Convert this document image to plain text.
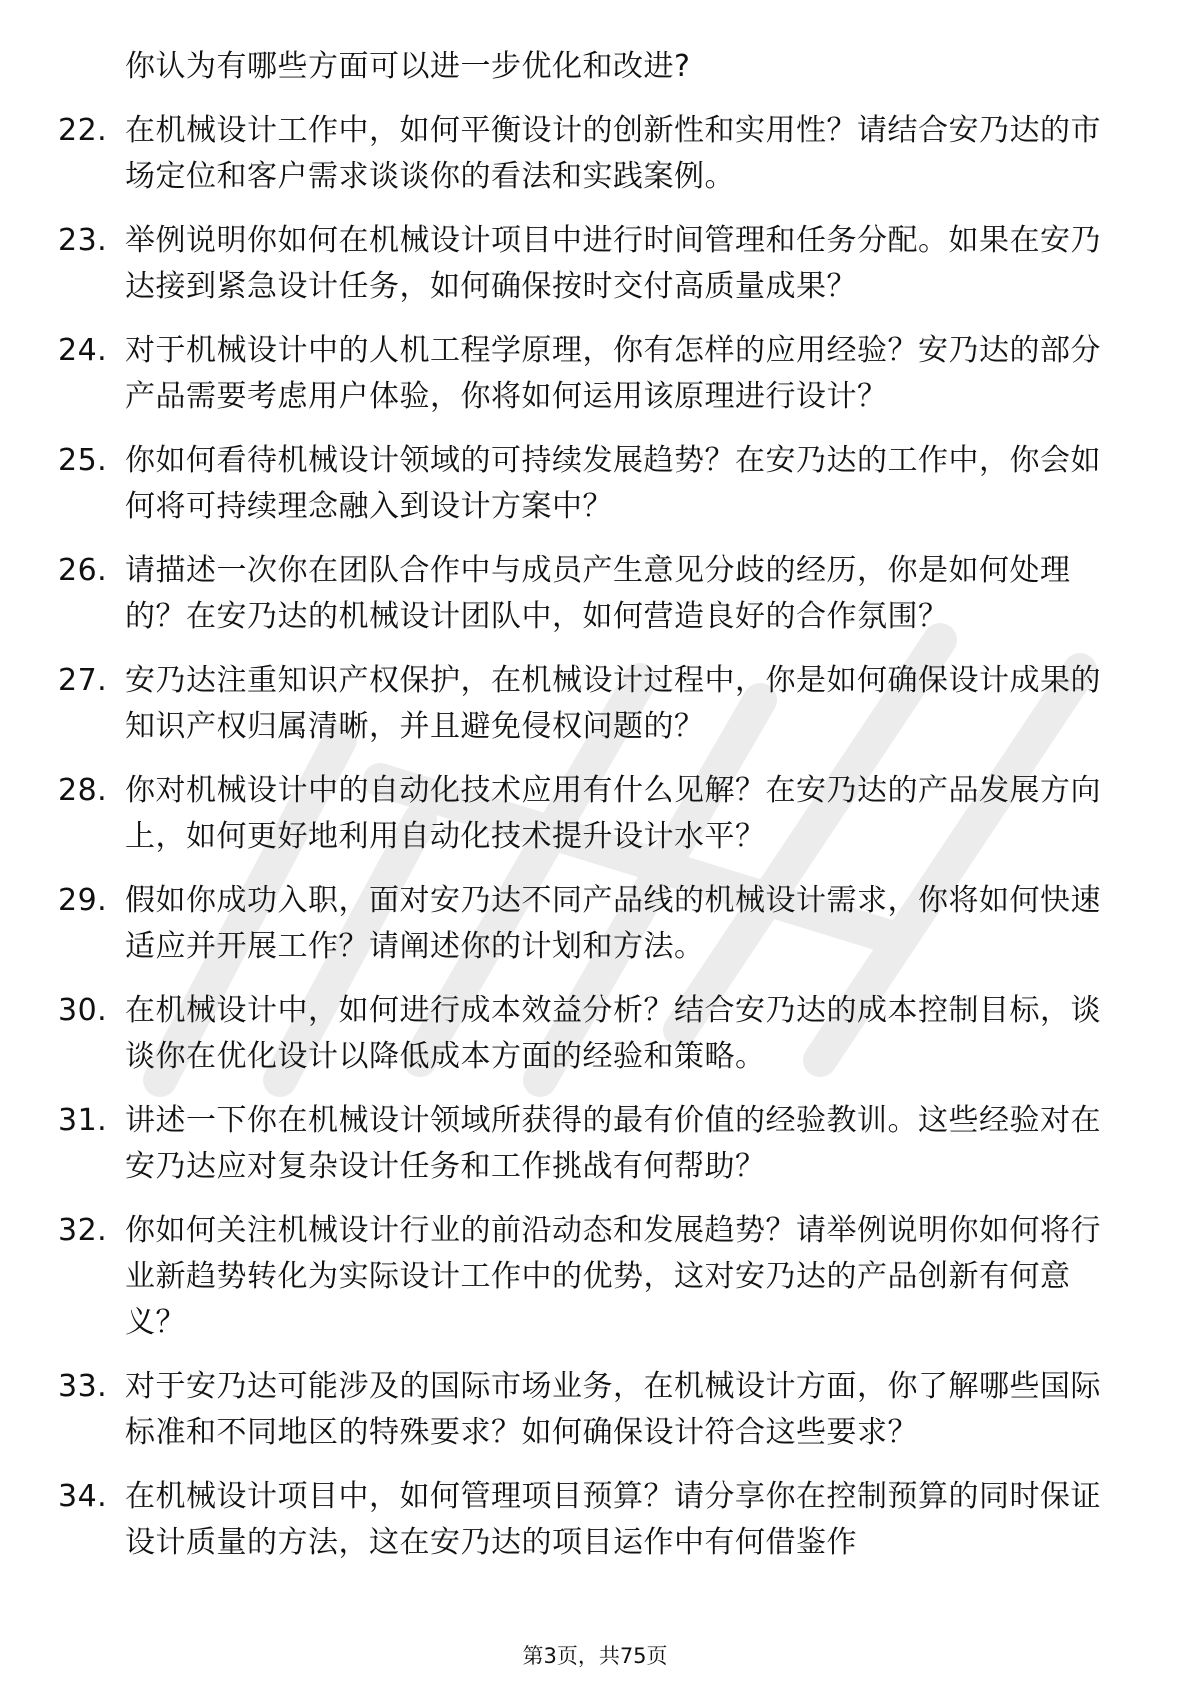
你认为有哪些方面可以进一步优化和改进?
22. 在机械设计工作中，如何平衡设计的创新性和实用性？请结合安乃达的市场定位和客户需求谈谈你的看法和实践案例。
23. 举例说明你如何在机械设计项目中进行时间管理和任务分配。如果在安乃达接到紧急设计任务，如何确保按时交付高质量成果？
24. 对于机械设计中的人机工程学原理，你有怎样的应用经验？安乃达的部分产品需要考虑用户体验，你将如何运用该原理进行设计？
25. 你如何看待机械设计领域的可持续发展趋势？在安乃达的工作中，你会如何将可持续理念融入到设计方案中？
26. 请描述一次你在团队合作中与成员产生意见分歧的经历，你是如何处理的？在安乃达的机械设计团队中，如何营造良好的合作氛围？
27. 安乃达注重知识产权保护，在机械设计过程中，你是如何确保设计成果的知识产权归属清晰，并且避免侵权问题的？
28. 你对机械设计中的自动化技术应用有什么见解？在安乃达的产品发展方向上，如何更好地利用自动化技术提升设计水平？
29. 假如你成功入职，面对安乃达不同产品线的机械设计需求，你将如何快速适应并开展工作？请阐述你的计划和方法。
30. 在机械设计中，如何进行成本效益分析？结合安乃达的成本控制目标，谈谈你在优化设计以降低成本方面的经验和策略。
31. 讲述一下你在机械设计领域所获得的最有价值的经验教训。这些经验对在安乃达应对复杂设计任务和工作挑战有何帮助？
32. 你如何关注机械设计行业的前沿动态和发展趋势？请举例说明你如何将行业新趋势转化为实际设计工作中的优势，这对安乃达的产品创新有何意义？
33. 对于安乃达可能涉及的国际市场业务，在机械设计方面，你了解哪些国际标准和不同地区的特殊要求？如何确保设计符合这些要求？
34. 在机械设计项目中，如何管理项目预算？请分享你在控制预算的同时保证设计质量的方法，这在安乃达的项目运作中有何借鉴作
第3页，共75页
